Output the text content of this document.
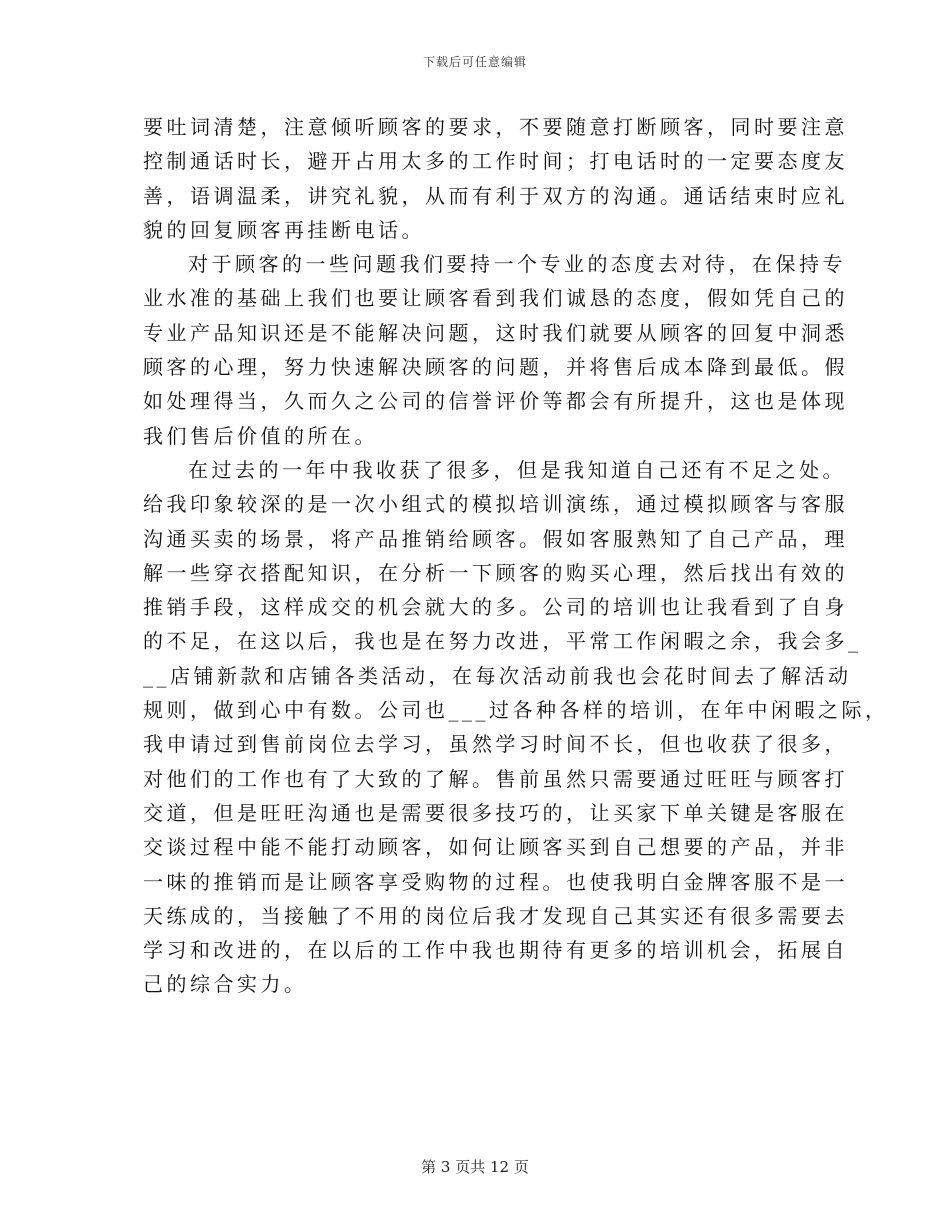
下载后可任意编辑
要吐词清楚，注意倾听顾客的要求，不要随意打断顾客，同时要注意
控制通话时长，避开占用太多的工作时间；打电话时的一定要态度友
善，语调温柔，讲究礼貌，从而有利于双方的沟通。通话结束时应礼
貌的回复顾客再挂断电话。
对于顾客的一些问题我们要持一个专业的态度去对待，在保持专
业水准的基础上我们也要让顾客看到我们诚恳的态度，假如凭自己的
专业产品知识还是不能解决问题，这时我们就要从顾客的回复中洞悉
顾客的心理，努力快速解决顾客的问题，并将售后成本降到最低。假
如处理得当，久而久之公司的信誉评价等都会有所提升，这也是体现
我们售后价值的所在。
在过去的一年中我收获了很多，但是我知道自己还有不足之处。
给我印象较深的是一次小组式的模拟培训演练，通过模拟顾客与客服
沟通买卖的场景，将产品推销给顾客。假如客服熟知了自己产品，理
解一些穿衣搭配知识，在分析一下顾客的购买心理，然后找出有效的
推销手段，这样成交的机会就大的多。公司的培训也让我看到了自身
的不足，在这以后，我也是在努力改进，平常工作闲暇之余，我会多_
__店铺新款和店铺各类活动，在每次活动前我也会花时间去了解活动
规则，做到心中有数。公司也___过各种各样的培训，在年中闲暇之际，
我申请过到售前岗位去学习，虽然学习时间不长，但也收获了很多，
对他们的工作也有了大致的了解。售前虽然只需要通过旺旺与顾客打
交道，但是旺旺沟通也是需要很多技巧的，让买家下单关键是客服在
交谈过程中能不能打动顾客，如何让顾客买到自己想要的产品，并非
一味的推销而是让顾客享受购物的过程。也使我明白金牌客服不是一
天练成的，当接触了不用的岗位后我才发现自己其实还有很多需要去
学习和改进的，在以后的工作中我也期待有更多的培训机会，拓展自
己的综合实力。
第 3 页共 12 页
